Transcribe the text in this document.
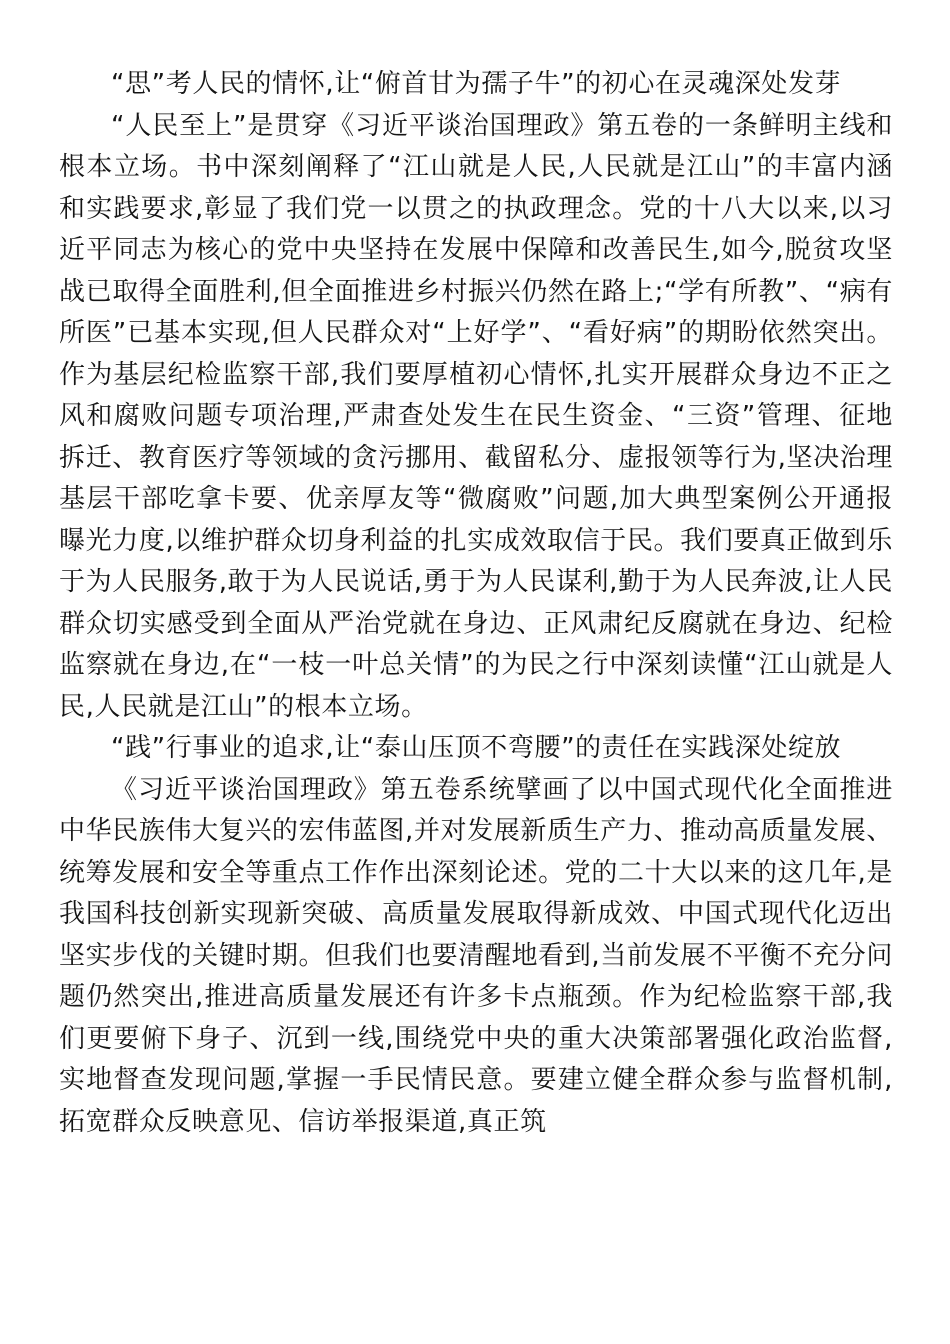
“思”考人民的情怀,让“俯首甘为孺子牛”的初心在灵魂深处发芽

“人民至上”是贯穿《习近平谈治国理政》第五卷的一条鲜明主线和根本立场。书中深刻阐释了“江山就是人民,人民就是江山”的丰富内涵和实践要求,彰显了我们党一以贯之的执政理念。党的十八大以来,以习近平同志为核心的党中央坚持在发展中保障和改善民生,如今,脱贫攻坚战已取得全面胜利,但全面推进乡村振兴仍然在路上;“学有所教”、“病有所医”已基本实现,但人民群众对“上好学”、“看好病”的期盼依然突出。作为基层纪检监察干部,我们要厚植初心情怀,扎实开展群众身边不正之风和腐败问题专项治理,严肃查处发生在民生资金、“三资”管理、征地拆迁、教育医疗等领域的贪污挪用、截留私分、虚报领等行为,坚决治理基层干部吃拿卡要、优亲厚友等“微腐败”问题,加大典型案例公开通报曝光力度,以维护群众切身利益的扎实成效取信于民。我们要真正做到乐于为人民服务,敢于为人民说话,勇于为人民谋利,勤于为人民奔波,让人民群众切实感受到全面从严治党就在身边、正风肃纪反腐就在身边、纪检监察就在身边,在“一枝一叶总关情”的为民之行中深刻读懂“江山就是人民,人民就是江山”的根本立场。

“践”行事业的追求,让“泰山压顶不弯腰”的责任在实践深处绽放

《习近平谈治国理政》第五卷系统擘画了以中国式现代化全面推进中华民族伟大复兴的宏伟蓝图,并对发展新质生产力、推动高质量发展、统筹发展和安全等重点工作作出深刻论述。党的二十大以来的这几年,是我国科技创新实现新突破、高质量发展取得新成效、中国式现代化迈出坚实步伐的关键时期。但我们也要清醒地看到,当前发展不平衡不充分问题仍然突出,推进高质量发展还有许多卡点瓶颈。作为纪检监察干部,我们更要俯下身子、沉到一线,围绕党中央的重大决策部署强化政治监督,实地督查发现问题,掌握一手民情民意。要建立健全群众参与监督机制,拓宽群众反映意见、信访举报渠道,真正筑
